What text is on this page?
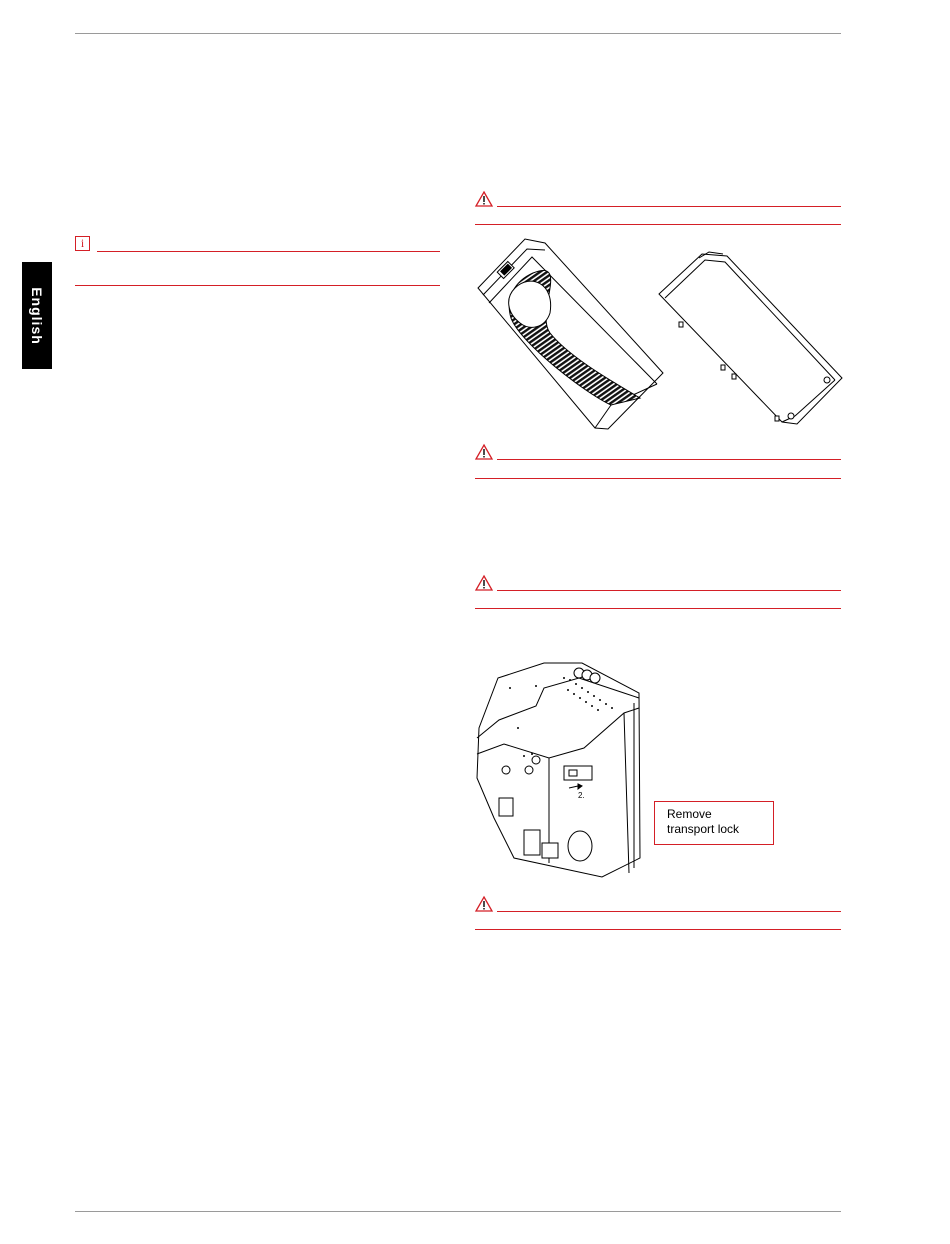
English
i
2.
Remove
transport lock
